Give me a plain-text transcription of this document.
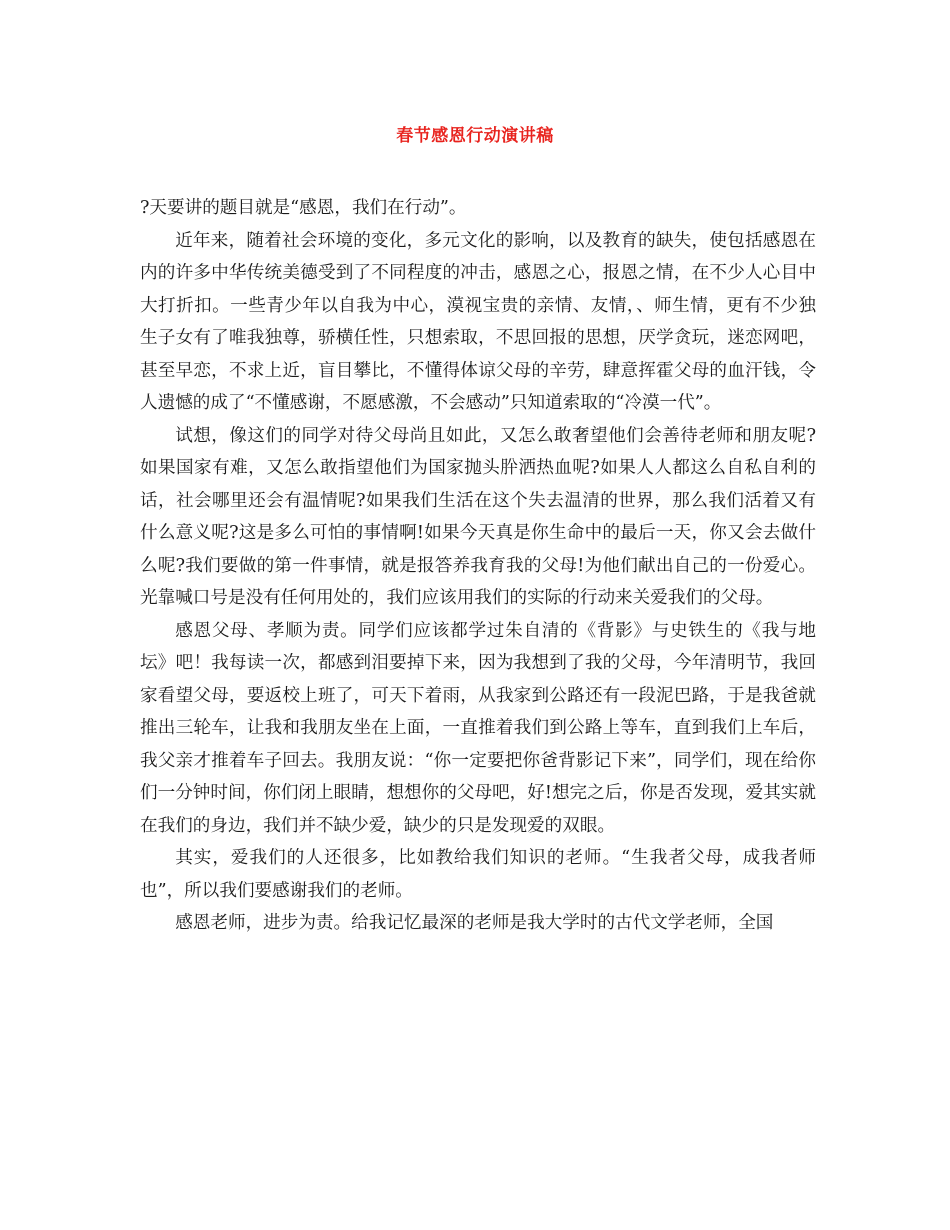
春节感恩行动演讲稿

?天要讲的题目就是“感恩，我们在行动”。

近年来，随着社会环境的变化，多元文化的影响，以及教育的缺失，使包括感恩在内的许多中华传统美德受到了不同程度的冲击，感恩之心，报恩之情，在不少人心目中大打折扣。一些青少年以自我为中心，漠视宝贵的亲情、友情，、师生情，更有不少独生子女有了唯我独尊，骄横任性，只想索取，不思回报的思想，厌学贪玩，迷恋网吧，甚至早恋，不求上近，盲目攀比，不懂得体谅父母的辛劳，肆意挥霍父母的血汗钱，令人遗憾的成了“不懂感谢，不愿感激，不会感动”只知道索取的“冷漠一代”。

试想，像这们的同学对待父母尚且如此，又怎么敢奢望他们会善待老师和朋友呢?如果国家有难，又怎么敢指望他们为国家抛头肸洒热血呢?如果人人都这么自私自利的话，社会哪里还会有温情呢?如果我们生活在这个失去温清的世界，那么我们活着又有什么意义呢?这是多么可怕的事情啊!如果今天真是你生命中的最后一天，你又会去做什么呢?我们要做的第一件事情，就是报答养我育我的父母!为他们献出自己的一份爱心。光靠喊口号是没有任何用处的，我们应该用我们的实际的行动来关爱我们的父母。

感恩父母、孝顺为责。同学们应该都学过朱自清的《背影》与史铁生的《我与地坛》吧！我每读一次，都感到泪要掉下来，因为我想到了我的父母，今年清明节，我回家看望父母，要返校上班了，可天下着雨，从我家到公路还有一段泥巴路，于是我爸就推出三轮车，让我和我朋友坐在上面，一直推着我们到公路上等车，直到我们上车后，我父亲才推着车子回去。我朋友说：“你一定要把你爸背影记下来”，同学们，现在给你们一分钟时间，你们闭上眼睛，想想你的父母吧，好!想完之后，你是否发现，爱其实就在我们的身边，我们并不缺少爱，缺少的只是发现爱的双眼。

其实，爱我们的人还很多，比如教给我们知识的老师。“生我者父母，成我者师也”，所以我们要感谢我们的老师。

感恩老师，进步为责。给我记忆最深的老师是我大学时的古代文学老师，全国
